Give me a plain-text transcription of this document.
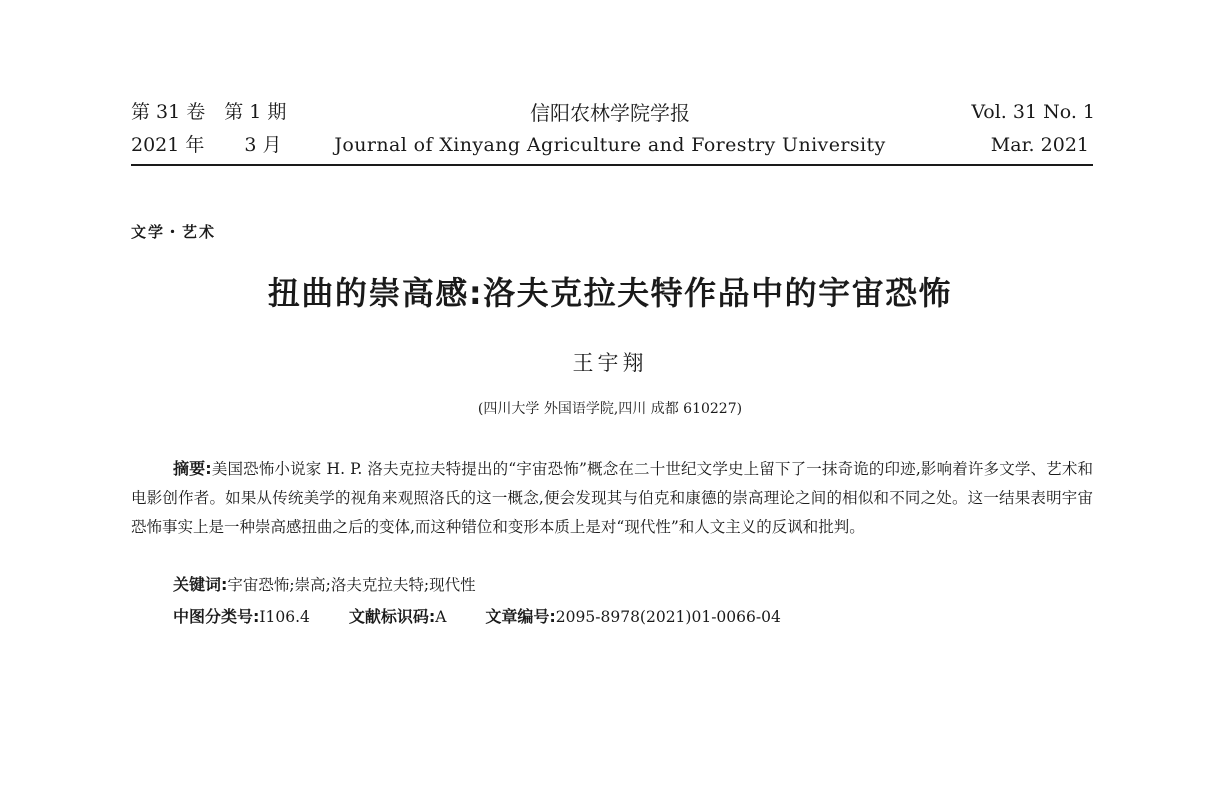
第 31 卷　第 1 期
2021 年 3 月
信阳农林学院学报
Journal of Xinyang Agriculture and Forestry University
Vol. 31 No. 1
Mar. 2021
文学・艺术
扭曲的崇高感:洛夫克拉夫特作品中的宇宙恐怖
王宇翔
(四川大学 外国语学院,四川 成都 610227)
摘要:美国恐怖小说家 H. P. 洛夫克拉夫特提出的“宇宙恐怖”概念在二十世纪文学史上留下了一抹奇诡的印迹,影响着许多文学、艺术和电影创作者。如果从传统美学的视角来观照洛氏的这一概念,便会发现其与伯克和康德的崇高理论之间的相似和不同之处。这一结果表明宇宙恐怖事实上是一种崇高感扭曲之后的变体,而这种错位和变形本质上是对“现代性”和人文主义的反讽和批判。
关键词:宇宙恐怖;崇高;洛夫克拉夫特;现代性
中图分类号:I106.4 文献标识码:A 文章编号:2095-8978(2021)01-0066-04
